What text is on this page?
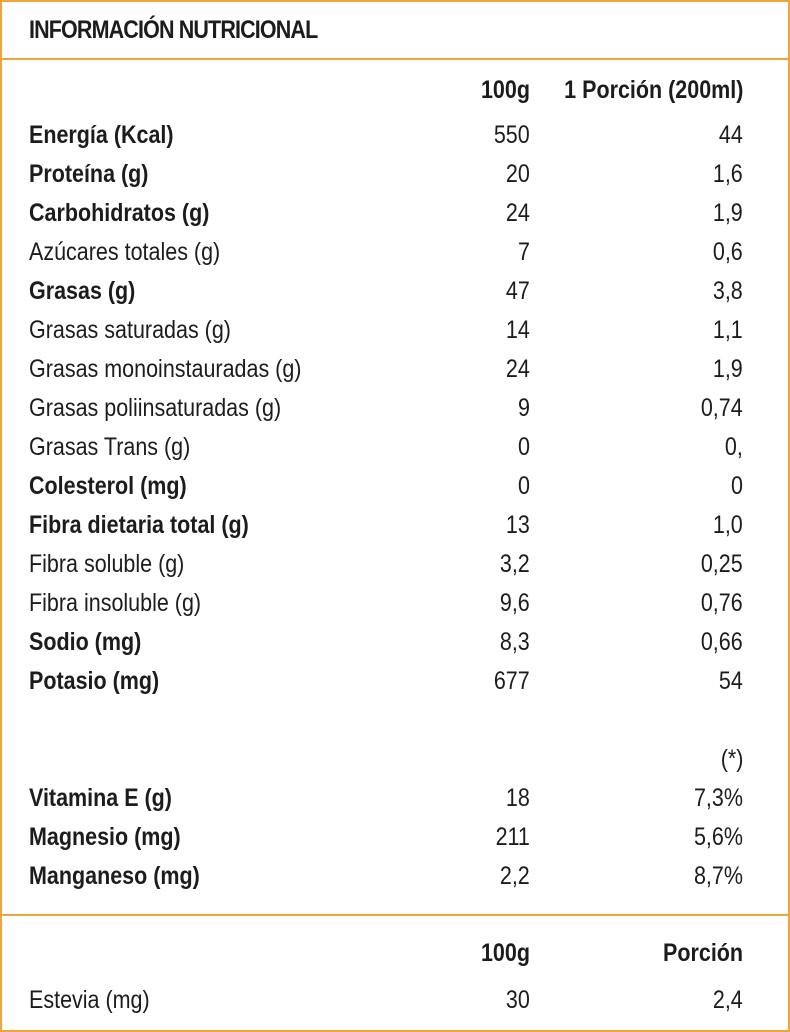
INFORMACIÓN NUTRICIONAL
100g 1 Porción (200ml)
Energía (Kcal)	550	44
Proteína (g)	20	1,6
Carbohidratos (g)	24	1,9
Azúcares totales (g)	7	0,6
Grasas (g)	47	3,8
Grasas saturadas (g)	14	1,1
Grasas monoinstauradas (g)	24	1,9
Grasas poliinsaturadas (g)	9	0,74
Grasas Trans (g)	0	0,
Colesterol (mg)	0	0
Fibra dietaria total (g)	13	1,0
Fibra soluble (g)	3,2	0,25
Fibra insoluble (g)	9,6	0,76
Sodio (mg)	8,3	0,66
Potasio (mg)	677	54
(*)
Vitamina E (g)	18	7,3%
Magnesio (mg)	211	5,6%
Manganeso (mg)	2,2	8,7%
100g	Porción
Estevia (mg)	30	2,4
